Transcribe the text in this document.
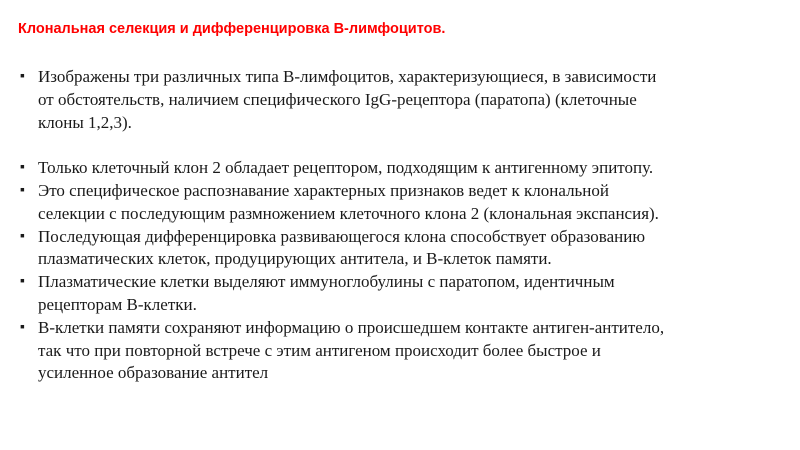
Клональная селекция и дифференцировка B-лимфоцитов.
▪ Изображены три различных типа B-лимфоцитов, характеризующиеся, в зависимости
от обстоятельств, наличием специфического IgG-рецептора (паратопа) (клеточные
клоны 1,2,3).
▪ Только клеточный клон 2 обладает рецептором, подходящим к антигенному эпитопу.
▪ Это специфическое распознавание характерных признаков ведет к клональной
селекции с последующим размножением клеточного клона 2 (клональная экспансия).
▪ Последующая дифференцировка развивающегося клона способствует образованию
плазматических клеток, продуцирующих антитела, и B-клеток памяти.
▪ Плазматические клетки выделяют иммуноглобулины с паратопом, идентичным
рецепторам B-клетки.
▪ B-клетки памяти сохраняют информацию о происшедшем контакте антиген-антитело,
так что при повторной встрече с этим антигеном происходит более быстрое и
усиленное образование антител
